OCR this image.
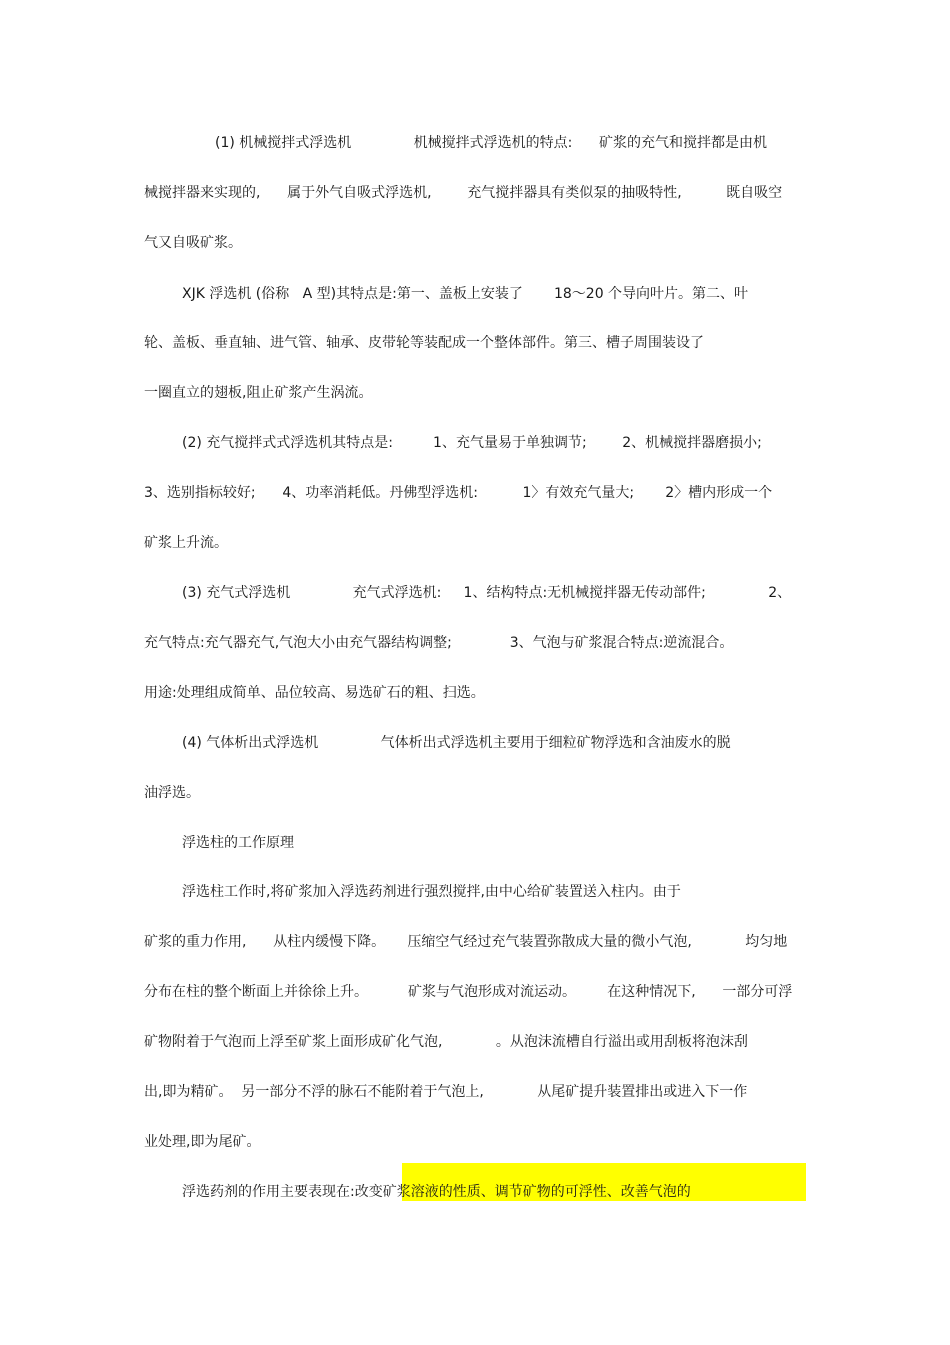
(1) 机械搅拌式浮选机              机械搅拌式浮选机的特点:      矿浆的充气和搅拌都是由机
械搅拌器来实现的,      属于外气自吸式浮选机,        充气搅拌器具有类似泵的抽吸特性,          既自吸空
气又自吸矿浆。
XJK 浮选机 (俗称   A 型)其特点是:第一、盖板上安装了       18～20 个导向叶片。第二、叶
轮、盖板、垂直轴、进气管、轴承、皮带轮等装配成一个整体部件。第三、槽子周围装设了
一圈直立的翅板,阻止矿浆产生涡流。
(2) 充气搅拌式式浮选机其特点是:         1、充气量易于单独调节;        2、机械搅拌器磨损小;
3、选别指标较好;      4、功率消耗低。丹佛型浮选机:          1〉有效充气量大;       2〉槽内形成一个
矿浆上升流。
(3) 充气式浮选机              充气式浮选机:     1、结构特点:无机械搅拌器无传动部件;              2、
充气特点:充气器充气,气泡大小由充气器结构调整;             3、气泡与矿浆混合特点:逆流混合。
用途:处理组成简单、品位较高、易选矿石的粗、扫选。
(4) 气体析出式浮选机              气体析出式浮选机主要用于细粒矿物浮选和含油废水的脱
油浮选。
浮选柱的工作原理
浮选柱工作时,将矿浆加入浮选药剂进行强烈搅拌,由中心给矿装置送入柱内。由于
矿浆的重力作用,      从柱内缓慢下降。     压缩空气经过充气装置弥散成大量的微小气泡,            均匀地
分布在柱的整个断面上并徐徐上升。         矿浆与气泡形成对流运动。       在这种情况下,      一部分可浮
矿物附着于气泡而上浮至矿浆上面形成矿化气泡,            。从泡沫流槽自行溢出或用刮板将泡沫刮
出,即为精矿。  另一部分不浮的脉石不能附着于气泡上,            从尾矿提升装置排出或进入下一作
业处理,即为尾矿。
浮选药剂的作用主要表现在:改变矿浆溶液的性质、调节矿物的可浮性、改善气泡的
